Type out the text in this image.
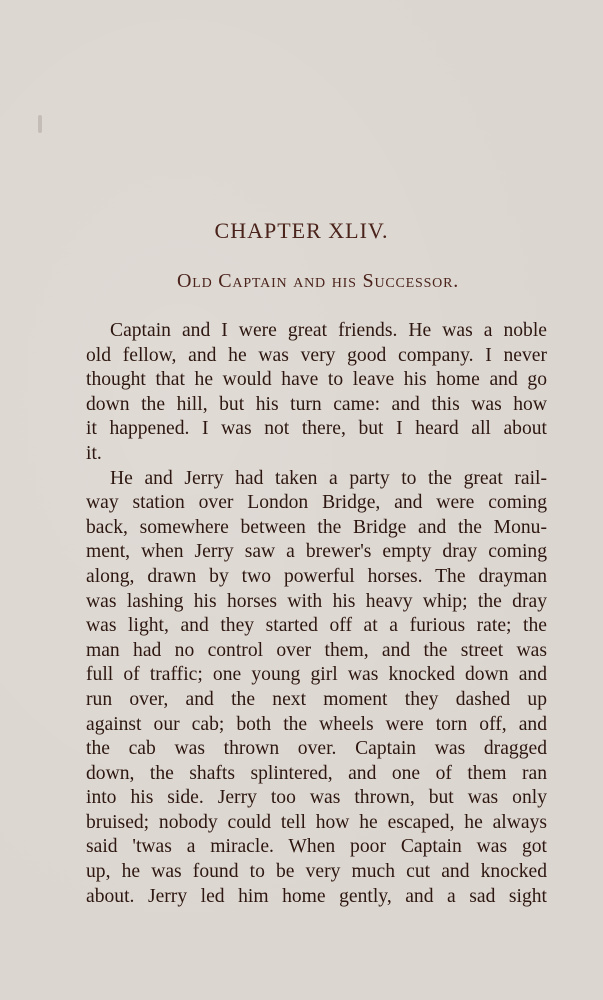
CHAPTER XLIV.
Old Captain and his Successor.
Captain and I were great friends. He was a noble
old fellow, and he was very good company. I never
thought that he would have to leave his home and go
down the hill, but his turn came: and this was how
it happened. I was not there, but I heard all about
it.
He and Jerry had taken a party to the great rail-
way station over London Bridge, and were coming
back, somewhere between the Bridge and the Monu-
ment, when Jerry saw a brewer's empty dray coming
along, drawn by two powerful horses. The drayman
was lashing his horses with his heavy whip; the dray
was light, and they started off at a furious rate; the
man had no control over them, and the street was
full of traffic; one young girl was knocked down and
run over, and the next moment they dashed up
against our cab; both the wheels were torn off, and
the cab was thrown over. Captain was dragged
down, the shafts splintered, and one of them ran
into his side. Jerry too was thrown, but was only
bruised; nobody could tell how he escaped, he always
said 'twas a miracle. When poor Captain was got
up, he was found to be very much cut and knocked
about. Jerry led him home gently, and a sad sight
